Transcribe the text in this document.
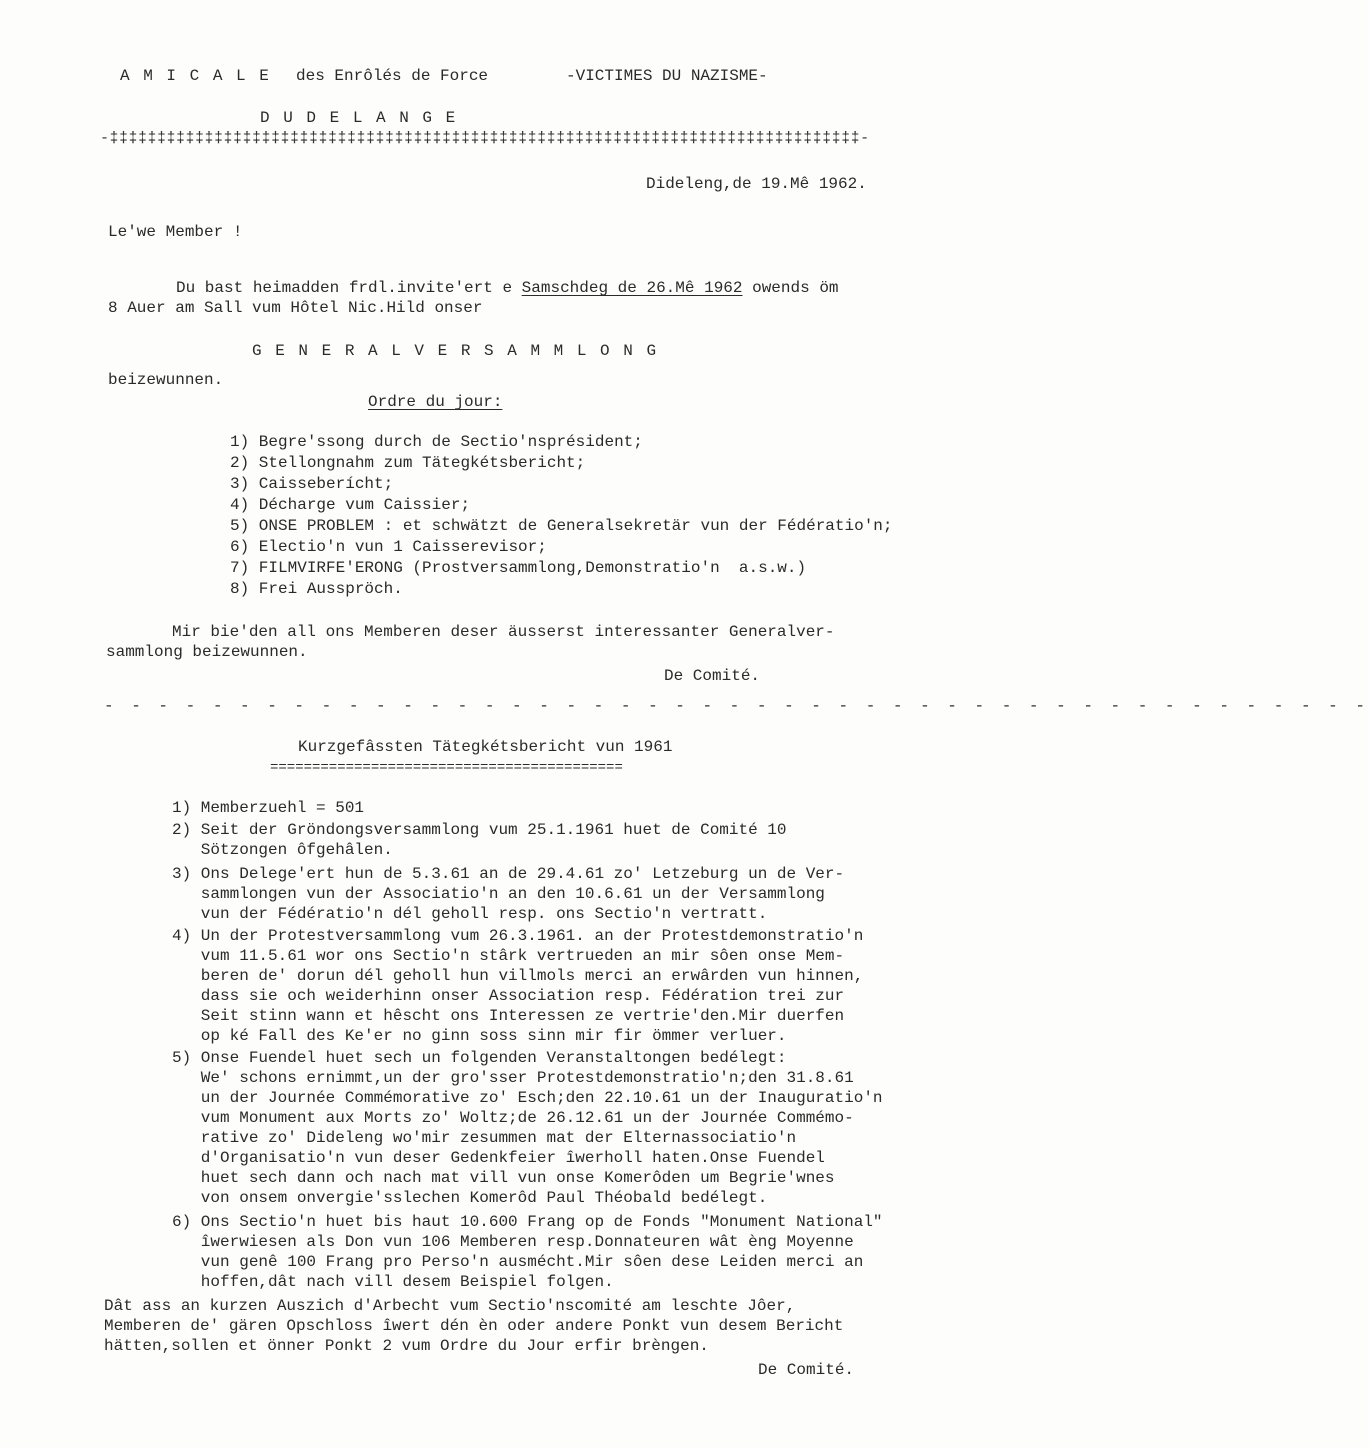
A M I C A L E des Enrôlés de Force	-VICTIMES DU NAZISME-
D U D E L A N G E
-‡‡‡‡‡‡‡‡‡‡‡‡‡‡‡‡‡‡‡‡‡‡‡‡‡‡‡‡‡‡‡‡‡‡‡‡‡‡‡‡‡‡‡‡‡‡‡‡‡‡‡‡‡‡‡‡‡‡‡‡‡‡‡‡‡‡‡‡‡‡‡‡‡‡‡‡‡‡‡-
Dideleng,de 19.Mê 1962.
Le'we Member !
Du bast heimadden frdl.invite'ert e Samschdeg de 26.Mê 1962 owends öm
8 Auer am Sall vum Hôtel Nic.Hild onser
G E N E R A L V E R S A M M L O N G
beizewunnen.
Ordre du jour:
1) Begre'ssong durch de Sectio'nsprésident;
2) Stellongnahm zum Tätegkétsbericht;
3) Caisseberícht;
4) Décharge vum Caissier;
5) ONSE PROBLEM : et schwätzt de Generalsekretär vun der Fédératio'n;
6) Electio'n vun 1 Caisserevisor;
7) FILMVIRFE'ERONG (Prostversammlong,Demonstratio'n  a.s.w.)
8) Frei Ausspröch.
Mir bie'den all ons Memberen deser äusserst interessanter Generalver-
sammlong beizewunnen.
De Comité.
- - - - - - - - - - - - - - - - - - - - - - - - - - - - - - - - - - - - - - - - - - - - - - -
Kurzgefâssten Tätegkétsbericht vun 1961
==========================================
1) Memberzuehl = 501
2) Seit der Gröndongsversammlong vum 25.1.1961 huet de Comité 10
Sötzongen ôfgehâlen.
3) Ons Delege'ert hun de 5.3.61 an de 29.4.61 zo' Letzeburg un de Ver-
sammlongen vun der Associatio'n an den 10.6.61 un der Versammlong
vun der Fédératio'n dél geholl resp. ons Sectio'n vertratt.
4) Un der Protestversammlong vum 26.3.1961. an der Protestdemonstratio'n
vum 11.5.61 wor ons Sectio'n stârk vertrueden an mir sôen onse Mem-
beren de' dorun dél geholl hun villmols merci an erwârden vun hinnen,
dass sie och weiderhinn onser Association resp. Fédération trei zur
Seit stinn wann et hêscht ons Interessen ze vertrie'den.Mir duerfen
op ké Fall des Ke'er no ginn soss sinn mir fir ömmer verluer.
5) Onse Fuendel huet sech un folgenden Veranstaltongen bedélegt:
We' schons ernimmt,un der gro'sser Protestdemonstratio'n;den 31.8.61
un der Journée Commémorative zo' Esch;den 22.10.61 un der Inauguratio'n
vum Monument aux Morts zo' Woltz;de 26.12.61 un der Journée Commémo-
rative zo' Dideleng wo'mir zesummen mat der Elternassociatio'n
d'Organisatio'n vun deser Gedenkfeier îwerholl haten.Onse Fuendel
huet sech dann och nach mat vill vun onse Komerôden um Begrie'wnes
von onsem onvergie'sslechen Komerôd Paul Théobald bedélegt.
6) Ons Sectio'n huet bis haut 10.600 Frang op de Fonds "Monument National"
îwerwiesen als Don vun 106 Memberen resp.Donnateuren wât èng Moyenne
vun genê 100 Frang pro Perso'n ausmécht.Mir sôen dese Leiden merci an
hoffen,dât nach vill desem Beispiel folgen.
Dât ass an kurzen Auszich d'Arbecht vum Sectio'nscomité am leschte Jôer,
Memberen de' gären Opschloss îwert dén èn oder andere Ponkt vun desem Bericht
hätten,sollen et önner Ponkt 2 vum Ordre du Jour erfir brèngen.
De Comité.
